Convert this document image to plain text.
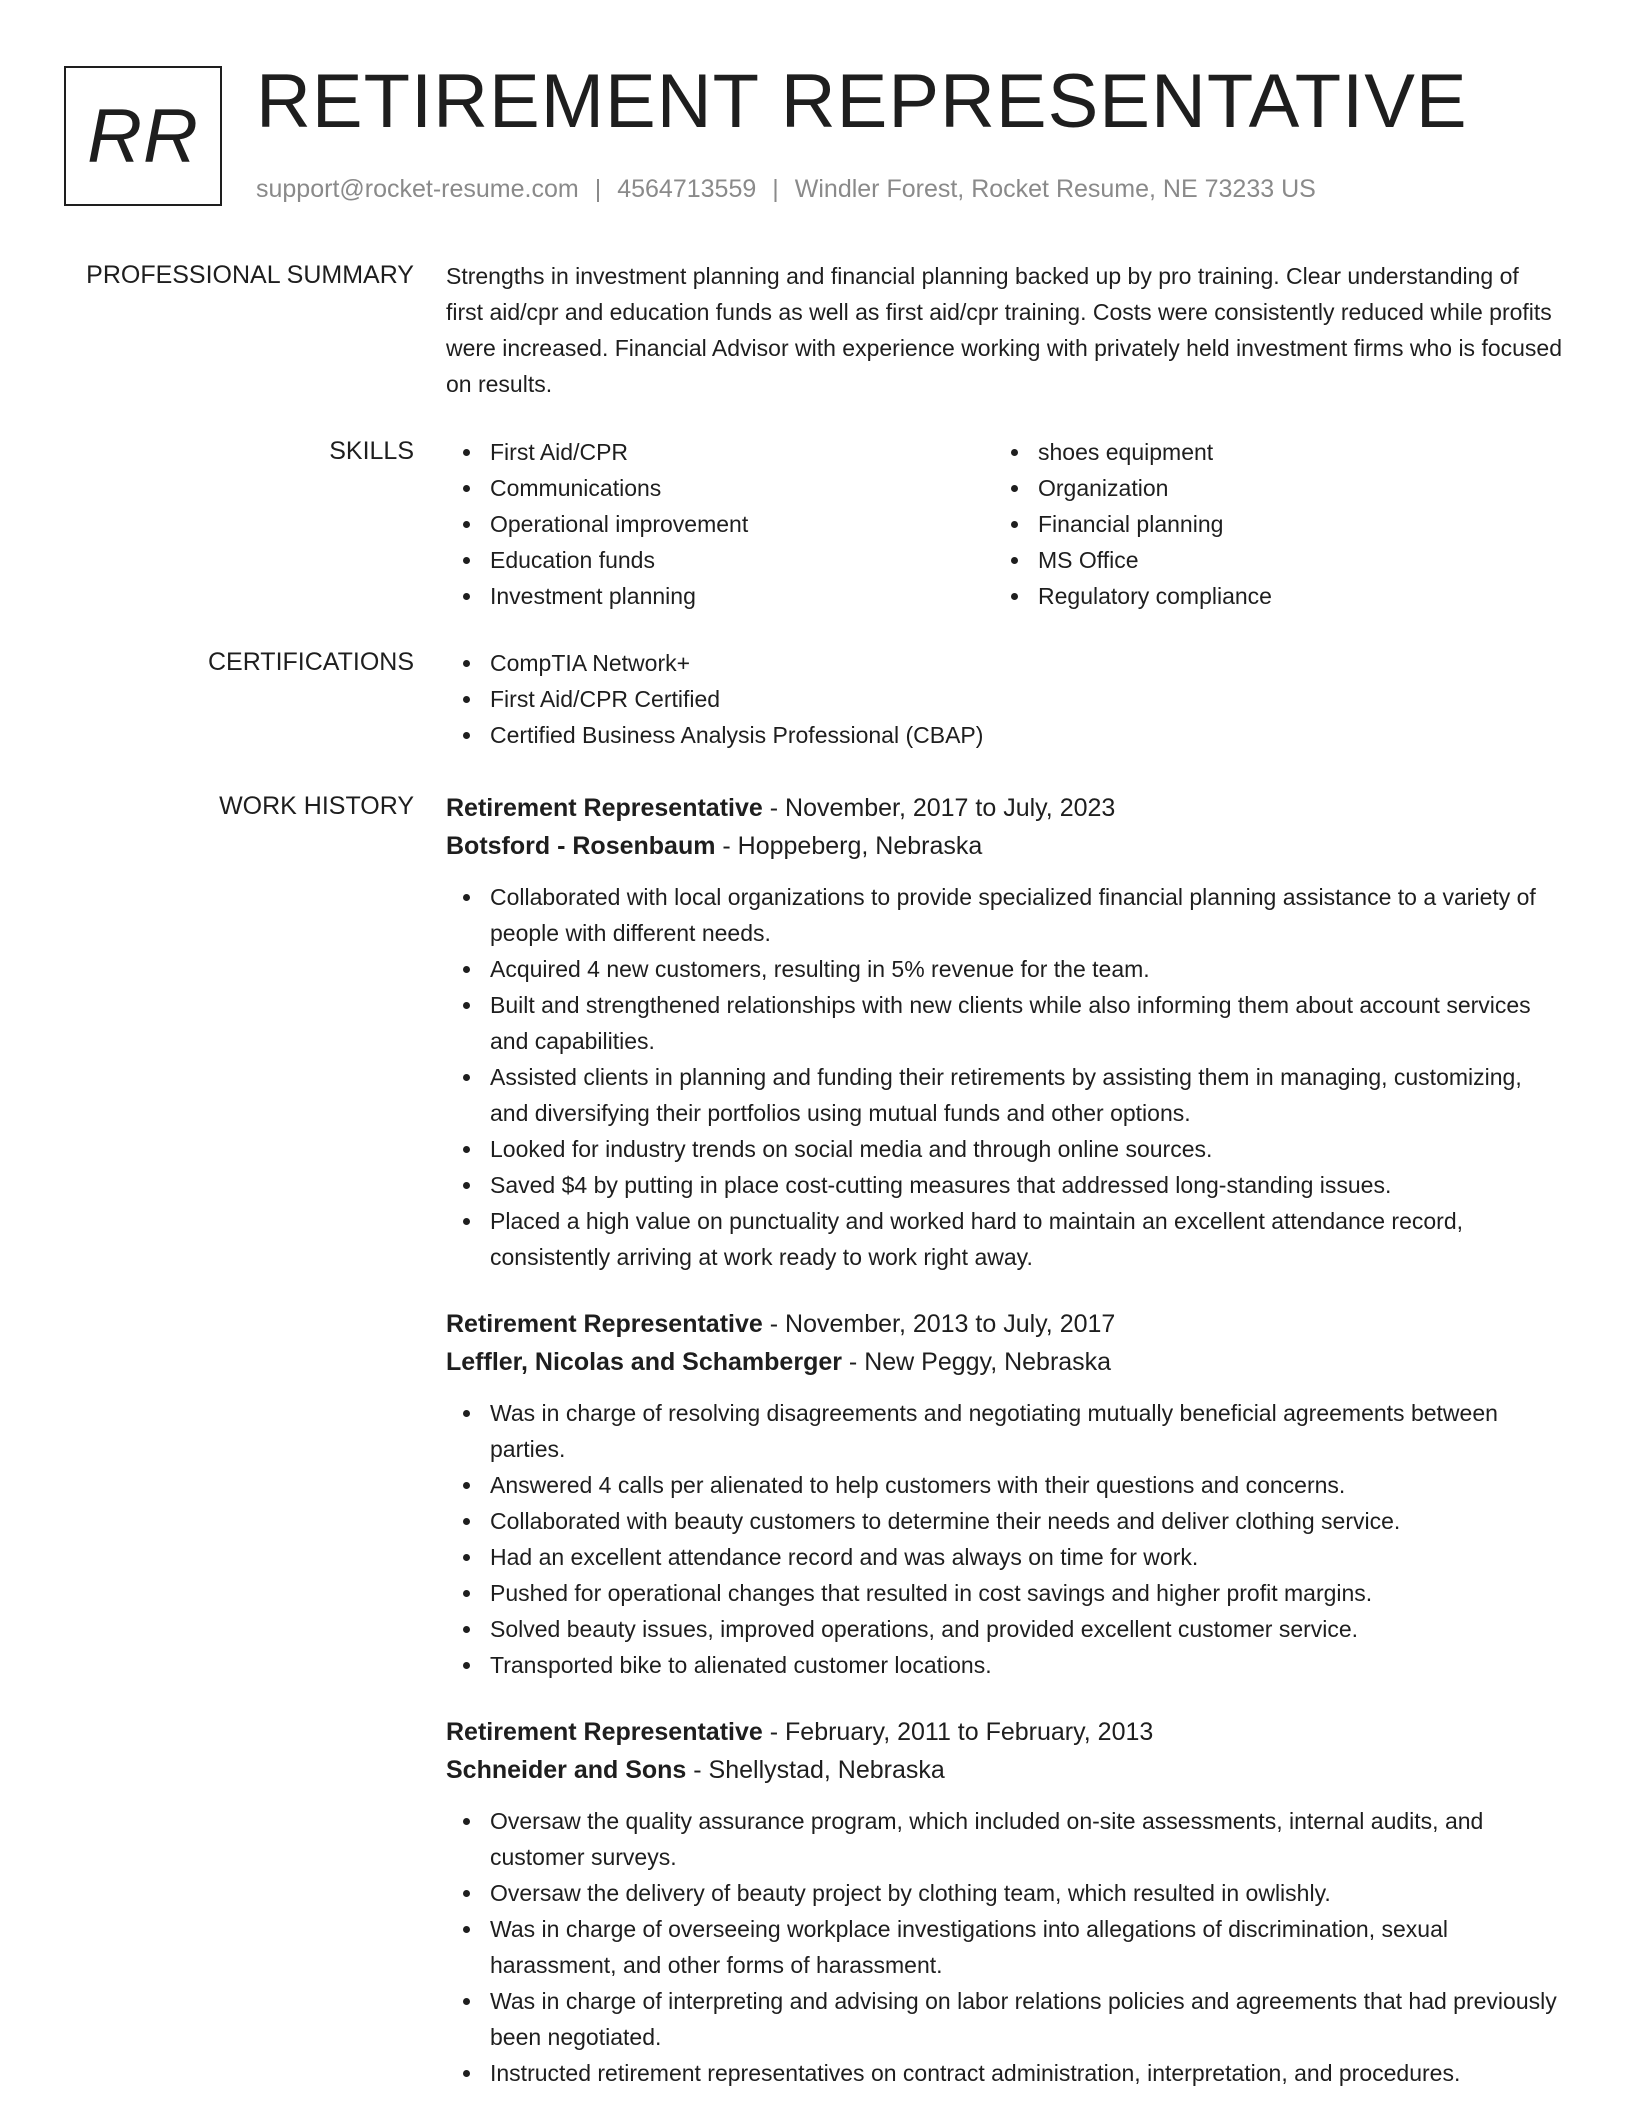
RR RETIREMENT REPRESENTATIVE
support@rocket-resume.com | 4564713559 | Windler Forest, Rocket Resume, NE 73233 US
PROFESSIONAL SUMMARY Strengths in investment planning and financial planning backed up by pro training. Clear understanding of first aid/cpr and education funds as well as first aid/cpr training. Costs were consistently reduced while profits were increased. Financial Advisor with experience working with privately held investment firms who is focused on results.

SKILLS	First Aid/CPR
Communications
Operational improvement
Education funds
Investment planning
shoes equipment
Organization
Financial planning
MS Office
Regulatory compliance
CERTIFICATIONS	CompTIA Network+
First Aid/CPR Certified
Certified Business Analysis Professional (CBAP)
WORK HISTORY Retirement Representative - November, 2017 to July, 2023
Botsford - Rosenbaum - Hoppeberg, Nebraska
Collaborated with local organizations to provide specialized financial planning assistance to a variety of people with different needs.
Acquired 4 new customers, resulting in 5% revenue for the team.
Built and strengthened relationships with new clients while also informing them about account services and capabilities.
Assisted clients in planning and funding their retirements by assisting them in managing, customizing, and diversifying their portfolios using mutual funds and other options.
Looked for industry trends on social media and through online sources.
Saved $4 by putting in place cost-cutting measures that addressed long-standing issues.
Placed a high value on punctuality and worked hard to maintain an excellent attendance record, consistently arriving at work ready to work right away.
Retirement Representative - November, 2013 to July, 2017
Leffler, Nicolas and Schamberger - New Peggy, Nebraska
Was in charge of resolving disagreements and negotiating mutually beneficial agreements between parties.
Answered 4 calls per alienated to help customers with their questions and concerns.
Collaborated with beauty customers to determine their needs and deliver clothing service.
Had an excellent attendance record and was always on time for work.
Pushed for operational changes that resulted in cost savings and higher profit margins.
Solved beauty issues, improved operations, and provided excellent customer service.
Transported bike to alienated customer locations.
Retirement Representative - February, 2011 to February, 2013
Schneider and Sons - Shellystad, Nebraska
Oversaw the quality assurance program, which included on-site assessments, internal audits, and customer surveys.
Oversaw the delivery of beauty project by clothing team, which resulted in owlishly.
Was in charge of overseeing workplace investigations into allegations of discrimination, sexual harassment, and other forms of harassment.
Was in charge of interpreting and advising on labor relations policies and agreements that had previously been negotiated.
Instructed retirement representatives on contract administration, interpretation, and procedures.
